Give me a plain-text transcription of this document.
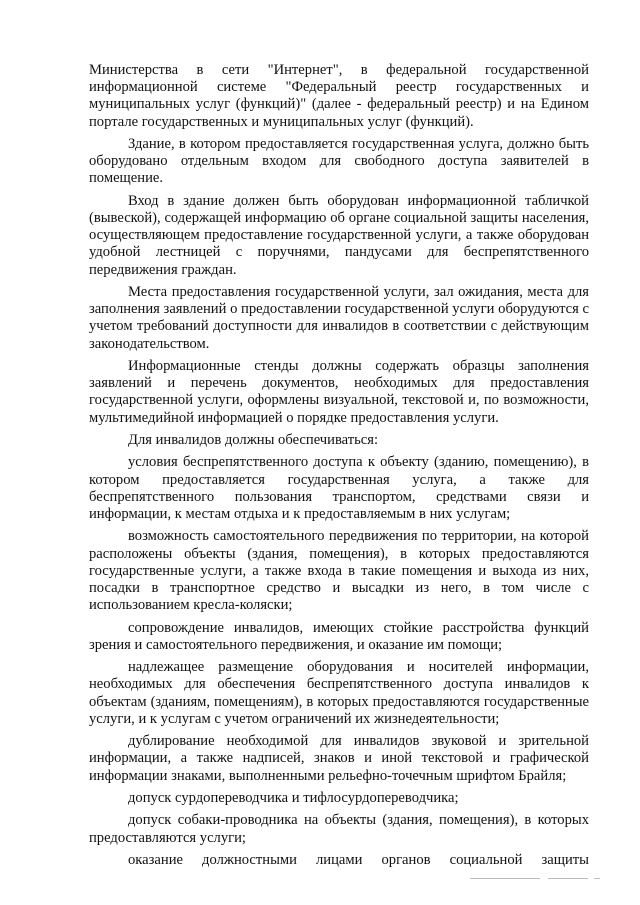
Министерства в сети "Интернет", в федеральной государственной информационной системе "Федеральный реестр государственных и муниципальных услуг (функций)" (далее - федеральный реестр) и на Едином портале государственных и муниципальных услуг (функций).

Здание, в котором предоставляется государственная услуга, должно быть оборудовано отдельным входом для свободного доступа заявителей в помещение.

Вход в здание должен быть оборудован информационной табличкой (вывеской), содержащей информацию об органе социальной защиты населения, осуществляющем предоставление государственной услуги, а также оборудован удобной лестницей с поручнями, пандусами для беспрепятственного передвижения граждан.

Места предоставления государственной услуги, зал ожидания, места для заполнения заявлений о предоставлении государственной услуги оборудуются с учетом требований доступности для инвалидов в соответствии с действующим законодательством.

Информационные стенды должны содержать образцы заполнения заявлений и перечень документов, необходимых для предоставления государственной услуги, оформлены визуальной, текстовой и, по возможности, мультимедийной информацией о порядке предоставления услуги.

Для инвалидов должны обеспечиваться:

условия беспрепятственного доступа к объекту (зданию, помещению), в котором предоставляется государственная услуга, а также для беспрепятственного пользования транспортом, средствами связи и информации, к местам отдыха и к предоставляемым в них услугам;

возможность самостоятельного передвижения по территории, на которой расположены объекты (здания, помещения), в которых предоставляются государственные услуги, а также входа в такие помещения и выхода из них, посадки в транспортное средство и высадки из него, в том числе с использованием кресла-коляски;

сопровождение инвалидов, имеющих стойкие расстройства функций зрения и самостоятельного передвижения, и оказание им помощи;

надлежащее размещение оборудования и носителей информации, необходимых для обеспечения беспрепятственного доступа инвалидов к объектам (зданиям, помещениям), в которых предоставляются государственные услуги, и к услугам с учетом ограничений их жизнедеятельности;

дублирование необходимой для инвалидов звуковой и зрительной информации, а также надписей, знаков и иной текстовой и графической информации знаками, выполненными рельефно-точечным шрифтом Брайля;

допуск сурдопереводчика и тифлосурдопереводчика;

допуск собаки-проводника на объекты (здания, помещения), в которых предоставляются услуги;

оказание должностными лицами органов социальной защиты
